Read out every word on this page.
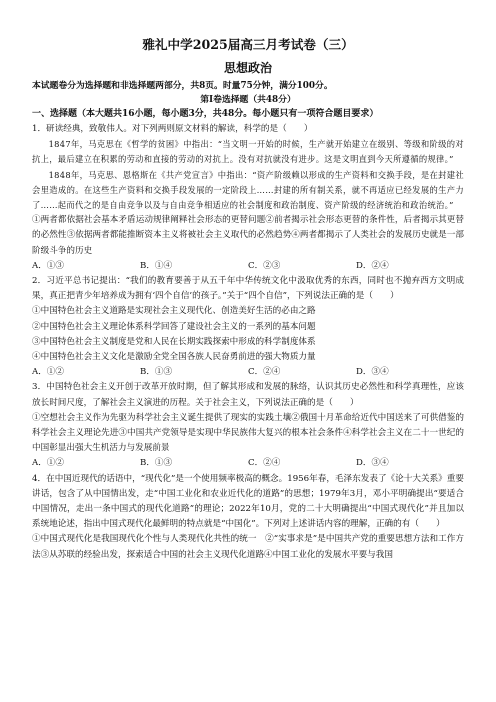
雅礼中学2025届高三月考试卷（三）
思想政治

本试题卷分为选择题和非选择题两部分，共8页。时量75分钟，满分100分。

第Ⅰ卷选择题（共48分）
一、选择题（本大题共16小题，每小题3分，共48分。每小题只有一项符合题目要求）

1．研读经典，致敬伟人。对下列两则原文材料的解读，科学的是（　　）

1847年，马克思在《哲学的贫困》中指出：“当文明一开始的时候，生产就开始建立在级别、等级和阶级的对抗上，最后建立在积累的劳动和直接的劳动的对抗上。没有对抗就没有进步。这是文明直到今天所遵循的规律。”

1848年，马克思、恩格斯在《共产党宣言》中指出：“资产阶级赖以形成的生产资料和交换手段，是在封建社会里造成的。在这些生产资料和交换手段发展的一定阶段上……封建的所有制关系，就不再适应已经发展的生产力了……起而代之的是自由竞争以及与自由竞争相适应的社会制度和政治制度、资产阶级的经济统治和政治统治。”

①两者都依据社会基本矛盾运动规律阐释社会形态的更替问题②前者揭示社会形态更替的条件性，后者揭示其更替的必然性③依据两者都能推断资本主义将被社会主义取代的必然趋势④两者都揭示了人类社会的发展历史就是一部阶级斗争的历史

A．①③	B．①④	C．②③	D．②④

2．习近平总书记提出：“我们的教育要善于从五千年中华传统文化中汲取优秀的东西，同时也不抛弃西方文明成果，真正把青少年培养成为拥有‘四个自信’的孩子。”关于“四个自信”，下列说法正确的是（　　）

①中国特色社会主义道路是实现社会主义现代化、创造美好生活的必由之路

②中国特色社会主义理论体系科学回答了建设社会主义的一系列的基本问题

③中国特色社会主义制度是党和人民在长期实践探索中形成的科学制度体系

④中国特色社会主义文化是激励全党全国各族人民奋勇前进的强大物质力量

A．①②	B．①③	C．②④	D．③④

3．中国特色社会主义开创于改革开放时期，但了解其形成和发展的脉络，认识其历史必然性和科学真理性，应该放长时间尺度，了解社会主义演进的历程。关于社会主义，下列说法正确的是（　　）

①空想社会主义作为先驱为科学社会主义诞生提供了现实的实践土壤②俄国十月革命给近代中国送来了可供借鉴的科学社会主义理论先进③中国共产党领导是实现中华民族伟大复兴的根本社会条件④科学社会主义在二十一世纪的中国彰显出强大生机活力与发展前景

A．①②	B．①③	C．②④	D．③④

4．在中国近现代的话语中，“现代化”是一个使用频率极高的概念。1956年春，毛泽东发表了《论十大关系》重要讲话，包含了从中国情出发，走“中国工业化和农业近代化的道路”的思想；1979年3月，邓小平明确提出“要适合中国情况，走出一条中国式的现代化道路”的理论；2022年10月，党的二十大明确提出“中国式现代化”并且加以系统地论述，指出中国式现代化最鲜明的特点就是“中国化”。下列对上述讲话内容的理解，正确的有（　　）

①中国式现代化是我国现代化个性与人类现代化共性的统一　②“实事求是”是中国共产党的重要思想方法和工作方法③从苏联的经验出发，探索适合中国的社会主义现代化道路④中国工业化的发展水平要与我国
